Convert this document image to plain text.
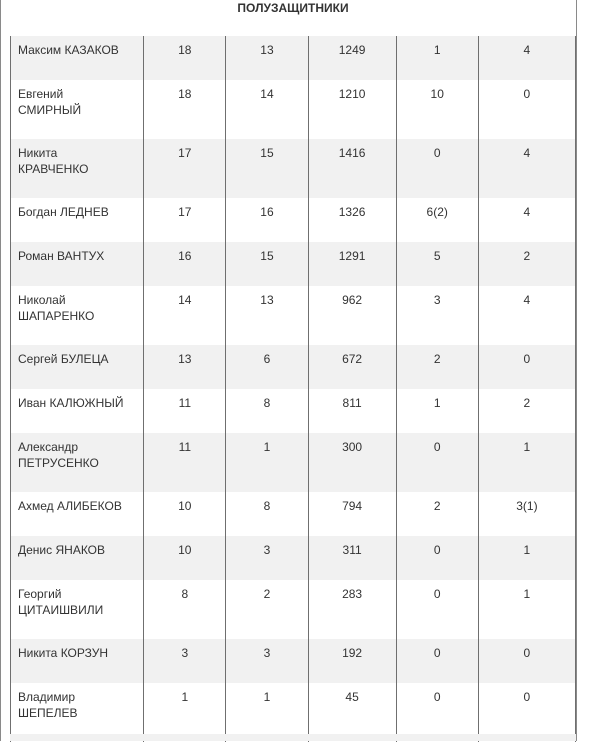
ПОЛУЗАЩИТНИКИ
Максим КАЗАКОВ	18	13	1249	1	4
Евгений
СМИРНЫЙ	18	14	1210	10	0
Никита
КРАВЧЕНКО	17	15	1416	0	4
Богдан ЛЕДНЕВ	17	16	1326	6(2)	4
Роман ВАНТУХ	16	15	1291	5	2
Николай
ШАПАРЕНКО	14	13	962	3	4
Сергей БУЛЕЦА	13	6	672	2	0
Иван КАЛЮЖНЫЙ	11	8	811	1	2
Александр
ПЕТРУСЕНКО	11	1	300	0	1
Ахмед АЛИБЕКОВ	10	8	794	2	3(1)
Денис ЯНАКОВ	10	3	311	0	1
Георгий
ЦИТАИШВИЛИ	8	2	283	0	1
Никита КОРЗУН	3	3	192	0	0
Владимир
ШЕПЕЛЕВ	1	1	45	0	0
